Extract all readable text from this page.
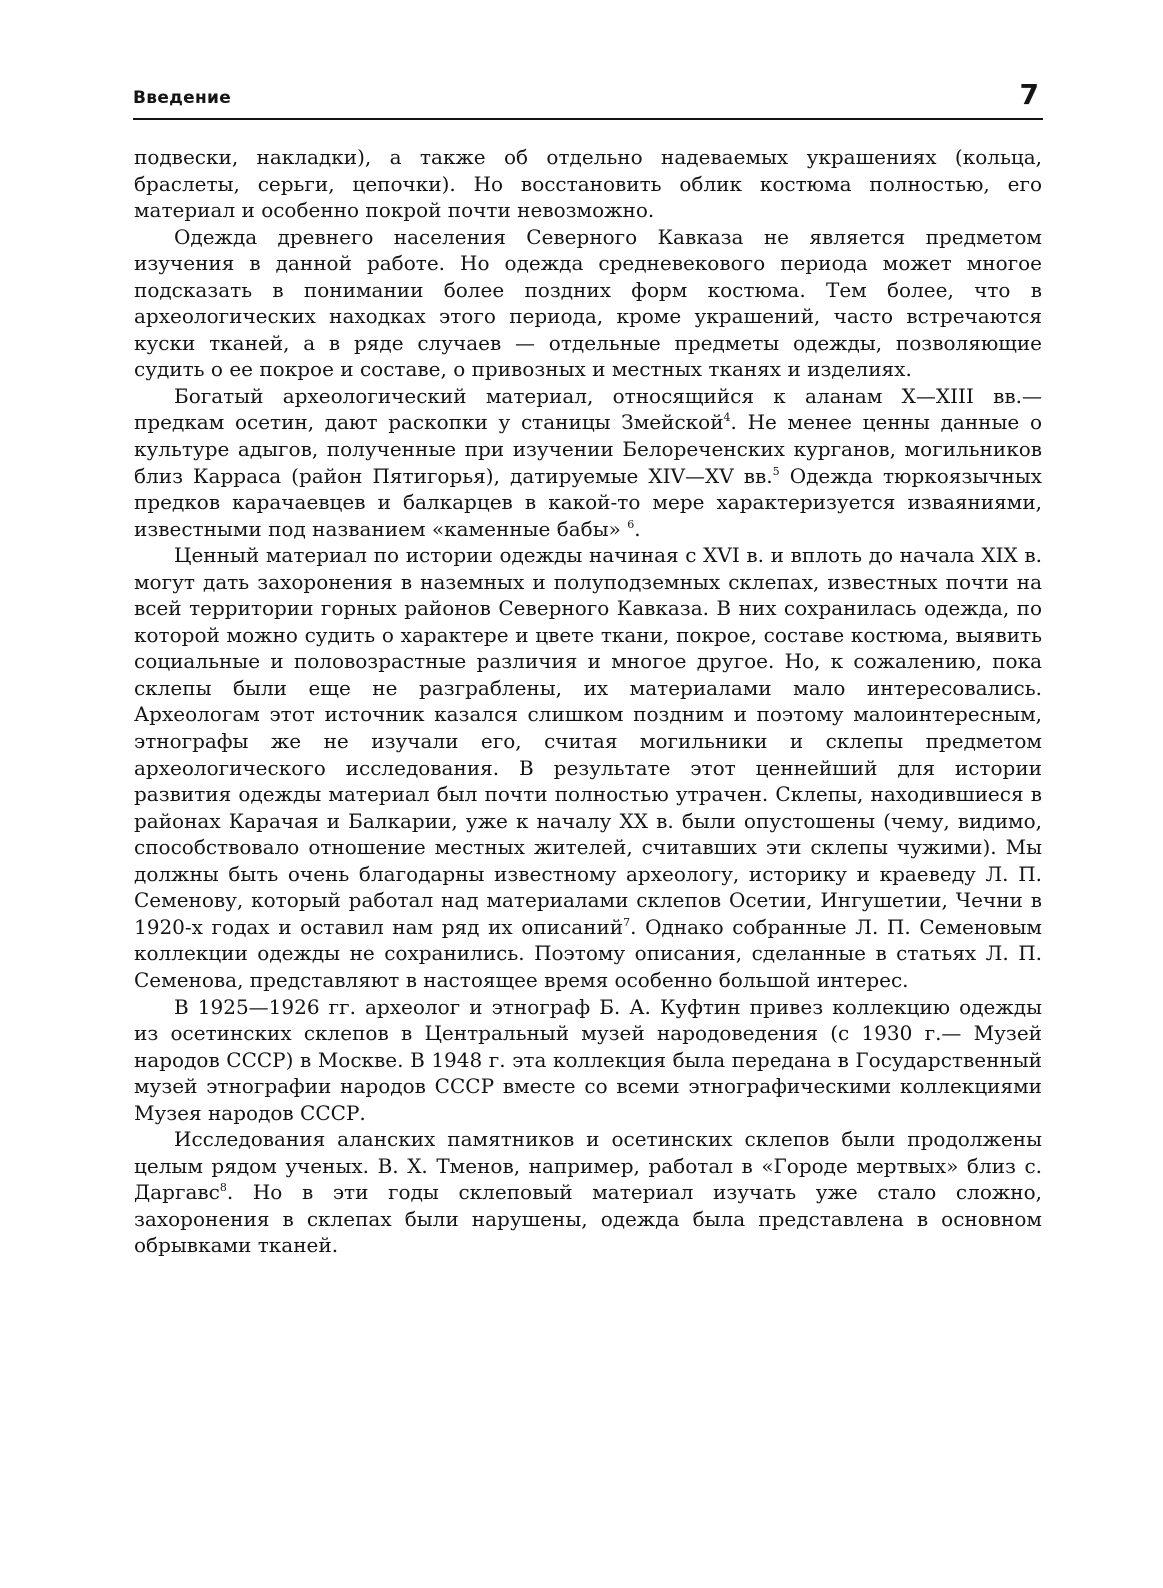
Введение	7

подвески, накладки), а также об отдельно надеваемых украшениях (кольца, браслеты, серьги, цепочки). Но восстановить облик костюма полностью, его материал и особенно покрой почти невозможно.

Одежда древнего населения Северного Кавказа не является предметом изучения в данной работе. Но одежда средневекового периода может многое подсказать в понимании более поздних форм костюма. Тем более, что в археологических находках этого периода, кроме украшений, часто встречаются куски тканей, а в ряде случаев — отдельные предметы одежды, позволяющие судить о ее покрое и составе, о привозных и местных тканях и изделиях.

Богатый археологический материал, относящийся к аланам X—XIII вв.— предкам осетин, дают раскопки у станицы Змейской$^4$. Не менее ценны данные о культуре адыгов, полученные при изучении Белореченских курганов, могильников близ Карраса (район Пятигорья), датируемые XIV—XV вв.$^5$ Одежда тюркоязычных предков карачаевцев и балкарцев в какой-то мере характеризуется изваяниями, известными под названием «каменные бабы» $^6$.

Ценный материал по истории одежды начиная с XVI в. и вплоть до начала XIX в. могут дать захоронения в наземных и полуподземных склепах, известных почти на всей территории горных районов Северного Кавказа. В них сохранилась одежда, по которой можно судить о характере и цвете ткани, покрое, составе костюма, выявить социальные и половозрастные различия и многое другое. Но, к сожалению, пока склепы были еще не разграблены, их материалами мало интересовались. Археологам этот источник казался слишком поздним и поэтому малоинтересным, этнографы же не изучали его, считая могильники и склепы предметом археологического исследования. В результате этот ценнейший для истории развития одежды материал был почти полностью утрачен. Склепы, находившиеся в районах Карачая и Балкарии, уже к началу XX в. были опустошены (чему, видимо, способствовало отношение местных жителей, считавших эти склепы чужими). Мы должны быть очень благодарны известному археологу, историку и краеведу Л. П. Семенову, который работал над материалами склепов Осетии, Ингушетии, Чечни в 1920-х годах и оставил нам ряд их описаний$^7$. Однако собранные Л. П. Семеновым коллекции одежды не сохранились. Поэтому описания, сделанные в статьях Л. П. Семенова, представляют в настоящее время особенно большой интерес.

В 1925—1926 гг. археолог и этнограф Б. А. Куфтин привез коллекцию одежды из осетинских склепов в Центральный музей народоведения (с 1930 г.— Музей народов СССР) в Москве. В 1948 г. эта коллекция была передана в Государственный музей этнографии народов СССР вместе со всеми этнографическими коллекциями Музея народов СССР.

Исследования аланских памятников и осетинских склепов были продолжены целым рядом ученых. В. Х. Тменов, например, работал в «Городе мертвых» близ с. Даргавс$^8$. Но в эти годы склеповый материал изучать уже стало сложно, захоронения в склепах были нарушены, одежда была представлена в основном обрывками тканей.
